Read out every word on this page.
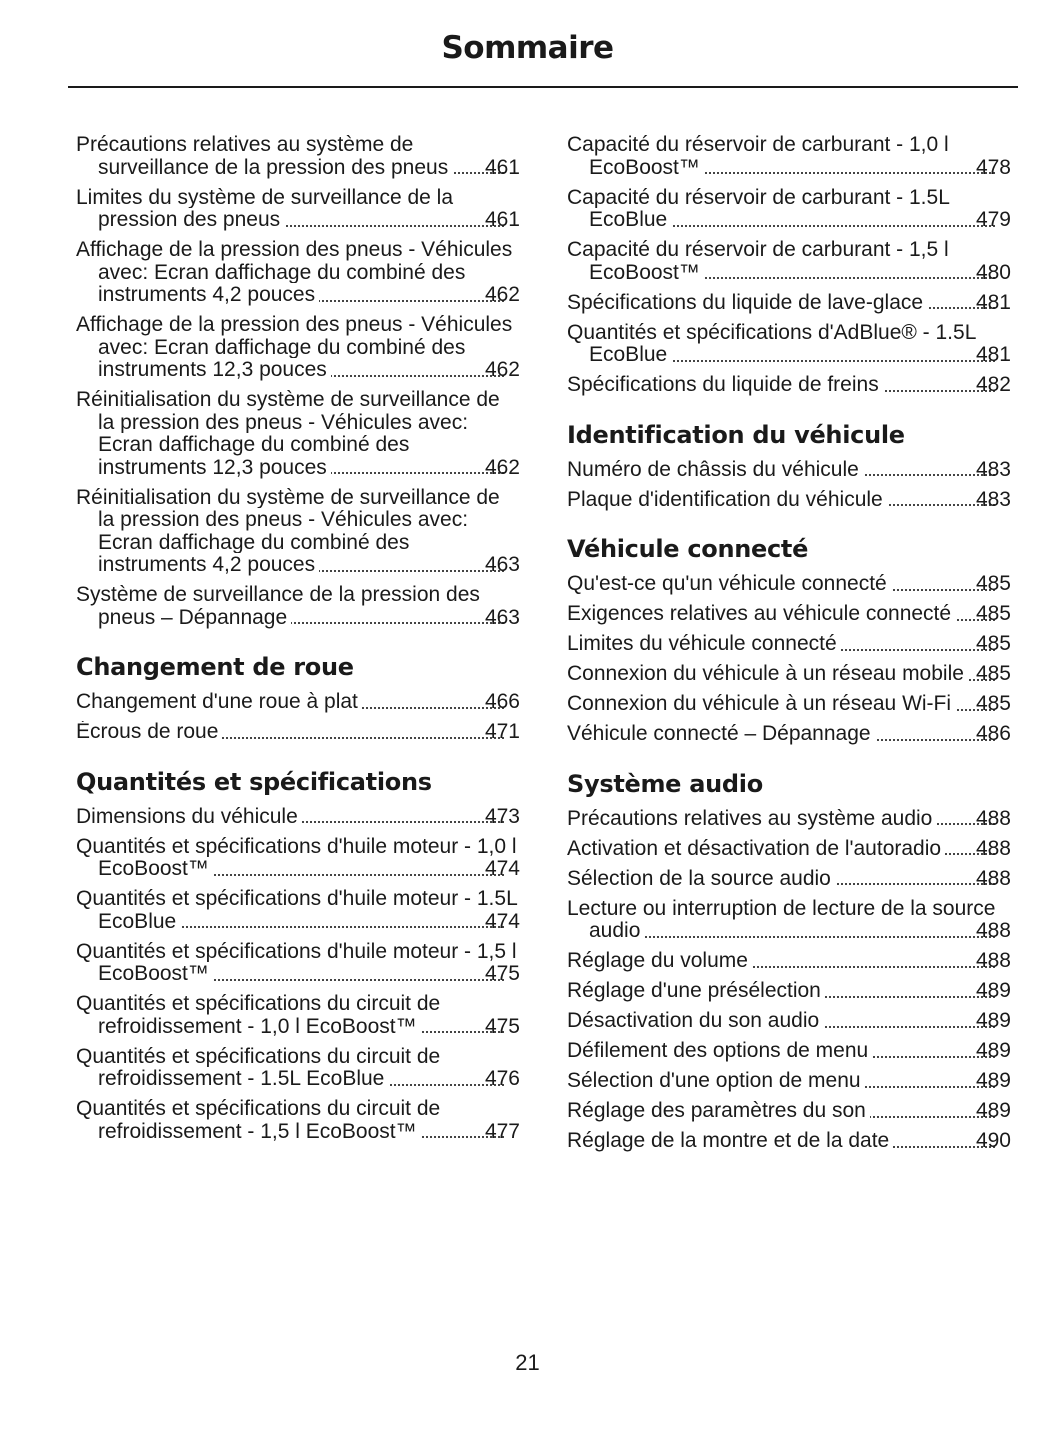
Sommaire
Précautions relatives au système de surveillance de la pression des pneus 461
Limites du système de surveillance de la pression des pneus	461
Affichage de la pression des pneus - Véhicules avec: Ecran daffichage du combiné des instruments 4,2 pouces	462
Affichage de la pression des pneus - Véhicules avec: Ecran daffichage du combiné des instruments 12,3 pouces	462
Réinitialisation du système de surveillance de la pression des pneus - Véhicules avec: Ecran daffichage du combiné des instruments 12,3 pouces	462
Réinitialisation du système de surveillance de la pression des pneus - Véhicules avec: Ecran daffichage du combiné des instruments 4,2 pouces	463
Système de surveillance de la pression des pneus – Dépannage	463
Changement de roue
Changement d'une roue à plat	466
Écrous de roue	471
Quantités et spécifications
Dimensions du véhicule	473
Quantités et spécifications d'huile moteur - 1,0 l EcoBoost™	474
Quantités et spécifications d'huile moteur - 1.5L EcoBlue	474
Quantités et spécifications d'huile moteur - 1,5 l EcoBoost™	475
Quantités et spécifications du circuit de refroidissement - 1,0 l EcoBoost™	475
Quantités et spécifications du circuit de refroidissement - 1.5L EcoBlue	476
Quantités et spécifications du circuit de refroidissement - 1,5 l EcoBoost™	477
Capacité du réservoir de carburant - 1,0 l EcoBoost™	478
Capacité du réservoir de carburant - 1.5L EcoBlue	479
Capacité du réservoir de carburant - 1,5 l EcoBoost™	480
Spécifications du liquide de lave-glace	481
Quantités et spécifications d'AdBlue® - 1.5L EcoBlue	481
Spécifications du liquide de freins	482
Identification du véhicule
Numéro de châssis du véhicule	483
Plaque d'identification du véhicule	483
Véhicule connecté
Qu'est-ce qu'un véhicule connecté	485
Exigences relatives au véhicule connecté 485
Limites du véhicule connecté	485
Connexion du véhicule à un réseau mobile 485
Connexion du véhicule à un réseau Wi-Fi 485
Véhicule connecté – Dépannage	486
Système audio
Précautions relatives au système audio 488
Activation et désactivation de l'autoradio 488
Sélection de la source audio	488
Lecture ou interruption de lecture de la source audio	488
Réglage du volume	488
Réglage d'une présélection	489
Désactivation du son audio	489
Défilement des options de menu	489
Sélection d'une option de menu	489
Réglage des paramètres du son	489
Réglage de la montre et de la date	490
21
